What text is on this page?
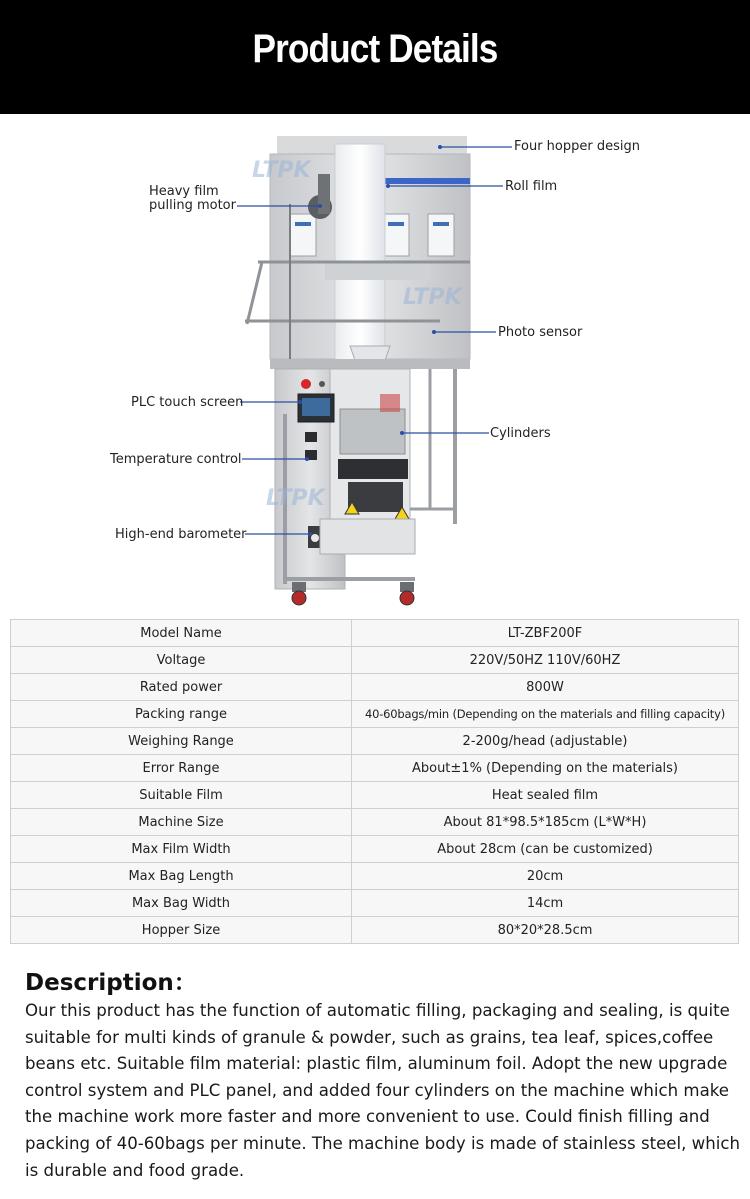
Product Details
LTPK
LTPK
LTPK
Four hopper design
Roll film
Heavy film
pulling motor
Photo sensor
PLC touch screen
Cylinders
Temperature control
High-end barometer
Model Name	LT-ZBF200F
Voltage	220V/50HZ 110V/60HZ
Rated power	800W
Packing range	40-60bags/min (Depending on the materials and filling capacity)
Weighing Range	2-200g/head (adjustable)
Error Range	About±1% (Depending on the materials)
Suitable Film	Heat sealed film
Machine Size	About 81*98.5*185cm (L*W*H)
Max Film Width	About 28cm (can be customized)
Max Bag Length	20cm
Max Bag Width	14cm
Hopper Size	80*20*28.5cm
Description：

Our this product has the function of automatic filling, packaging and sealing, is quite suitable for multi kinds of granule & powder, such as grains, tea leaf, spices,coffee beans etc. Suitable film material: plastic film, aluminum foil. Adopt the new upgrade control system and PLC panel, and added four cylinders on the machine which make the machine work more faster and more convenient to use. Could finish filling and packing of 40-60bags per minute. The machine body is made of stainless steel, which is durable and food grade.
